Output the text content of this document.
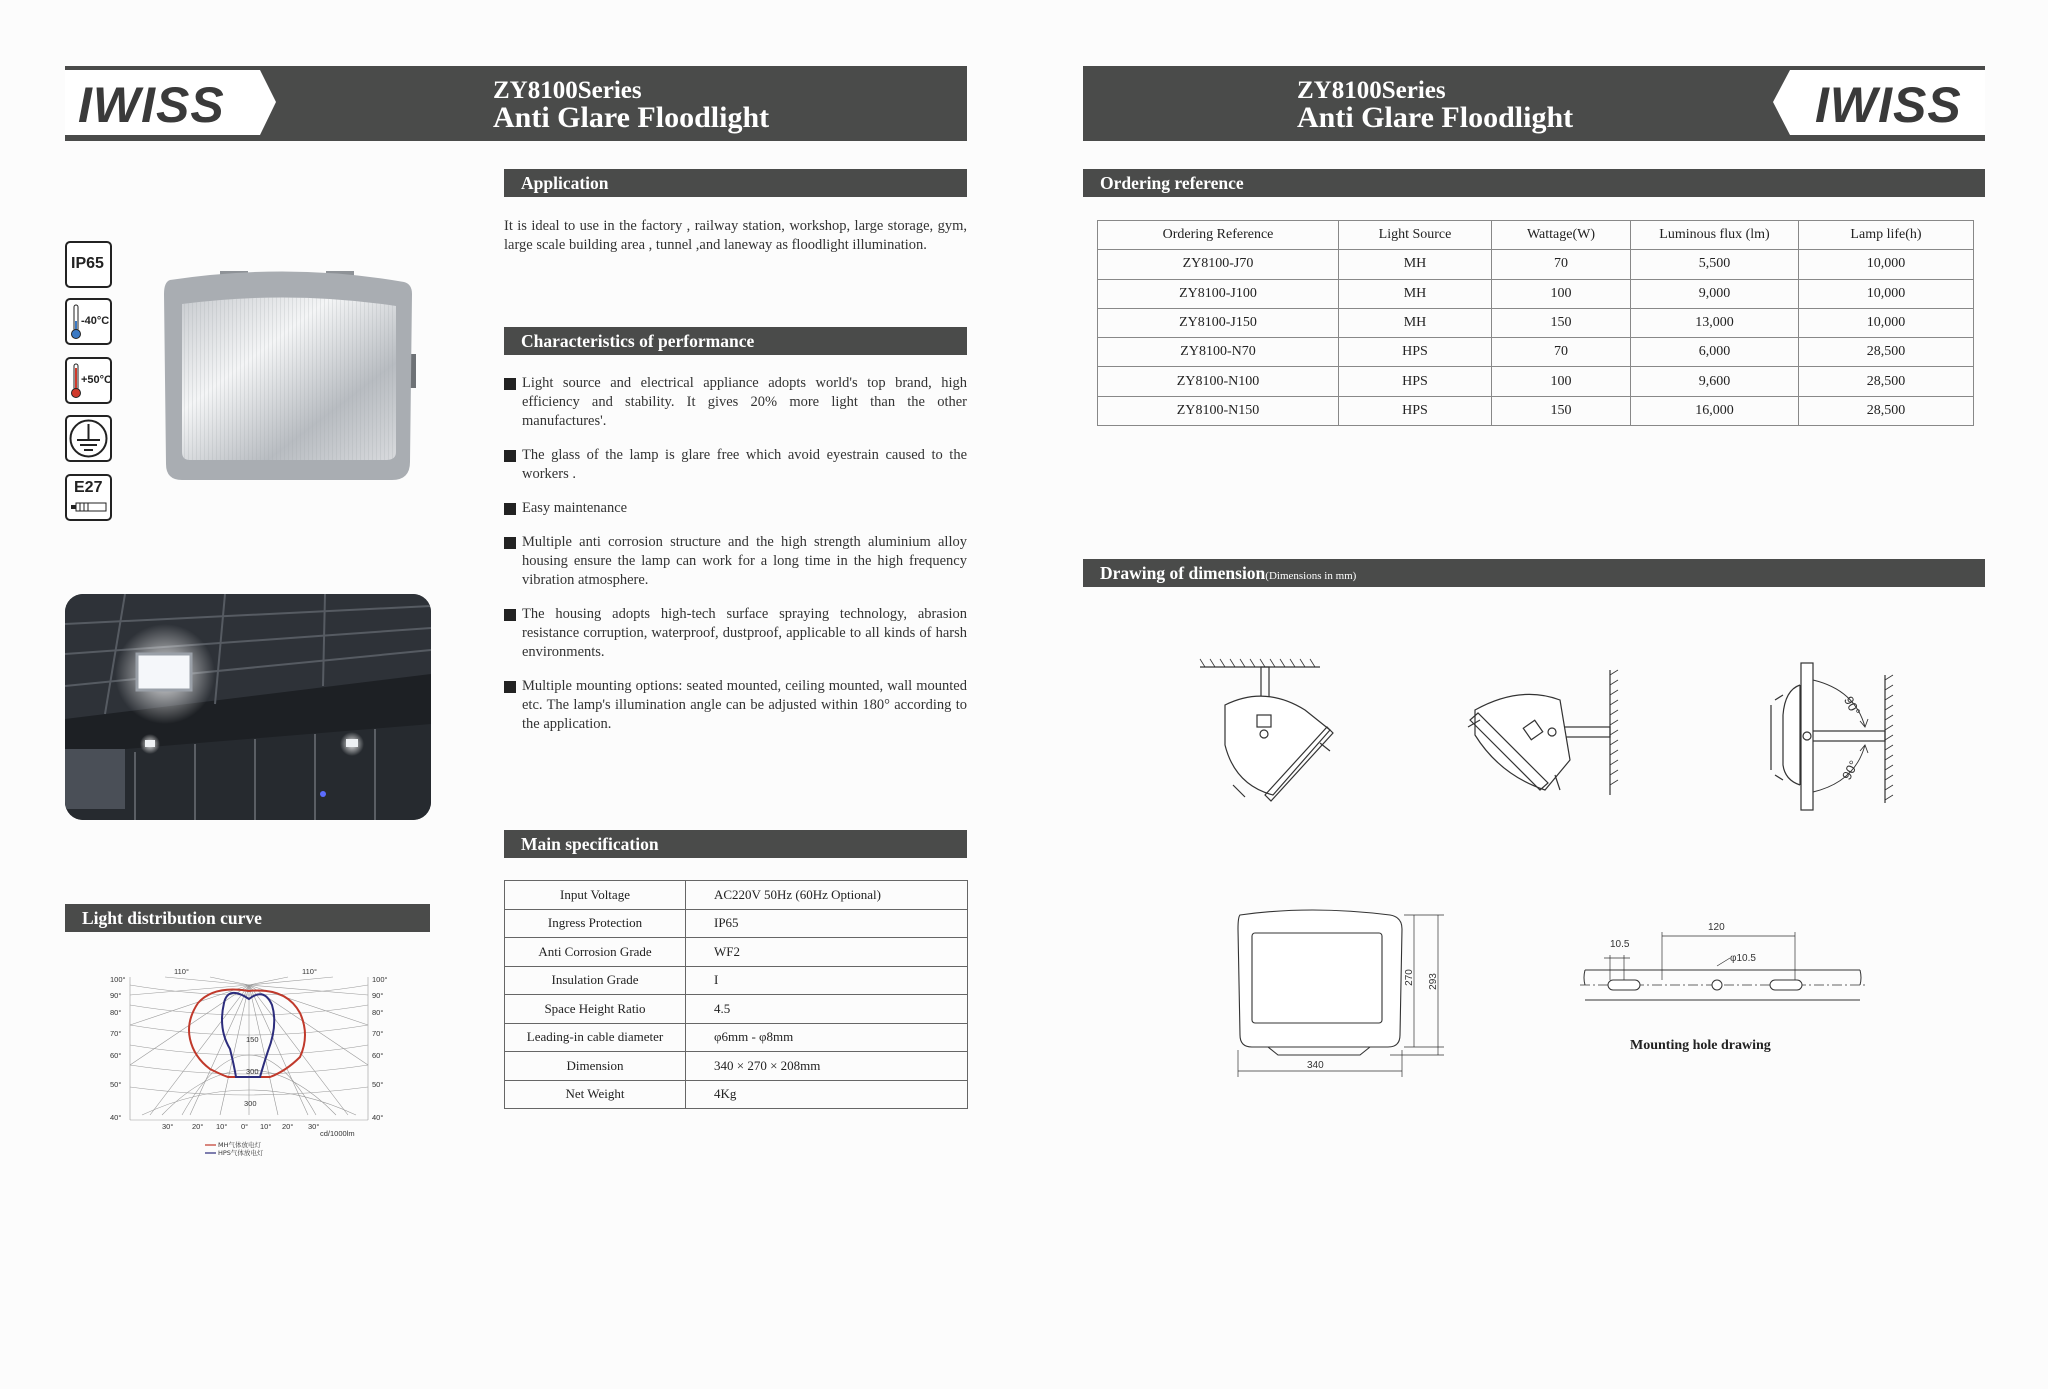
IWISS	ZY8100Series
Anti Glare Floodlight	IWISS
ZY8100Series
Anti Glare Floodlight
IP65
-40°C
+50°C
E27
Light distribution curve
110°	110°
100°
90°
80°
70°
60°
50°
40°
100°
90°
80°
70°
60°
50°
40°
30° 20° 10° 0° 10° 20° 30°
150
300
300
cd/1000lm
MH气体放电灯
HPS气体放电灯
Application
It is ideal to use in the factory , railway station, workshop, large storage, gym, large scale building area , tunnel ,and laneway as floodlight illumination.
Characteristics of performance
Light source and electrical appliance adopts world's top brand, high efficiency and stability. It gives 20% more light than the other manufactures'.
The glass of the lamp is glare free which avoid eyestrain caused to the workers .
Easy maintenance
Multiple anti corrosion structure and the high strength aluminium alloy housing ensure the lamp can work for a long time in the high frequency vibration atmosphere.
The housing adopts high-tech surface spraying technology, abrasion resistance corruption, waterproof, dustproof, applicable to all kinds of harsh environments.
Multiple mounting options: seated mounted, ceiling mounted, wall mounted etc. The lamp's illumination angle can be adjusted within 180° according to the application.
Main specification
Input Voltage	AC220V 50Hz (60Hz Optional)
Ingress Protection	IP65
Anti Corrosion Grade	WF2
Insulation Grade	I
Space Height Ratio	4.5
Leading-in cable diameter	φ6mm - φ8mm
Dimension	340 × 270 × 208mm
Net Weight	4Kg
Ordering reference
Ordering Reference	Light Source	Wattage(W)	Luminous flux (lm)	Lamp life(h)
ZY8100-J70	MH	70	5,500	10,000
ZY8100-J100	MH	100	9,000	10,000
ZY8100-J150	MH	150	13,000	10,000
ZY8100-N70	HPS	70	6,000	28,500
ZY8100-N100	HPS	100	9,600	28,500
ZY8100-N150	HPS	150	16,000	28,500
Drawing of dimension(Dimensions in mm)
90°
90°
270 293
340
120
10.5
φ10.5
Mounting hole drawing
